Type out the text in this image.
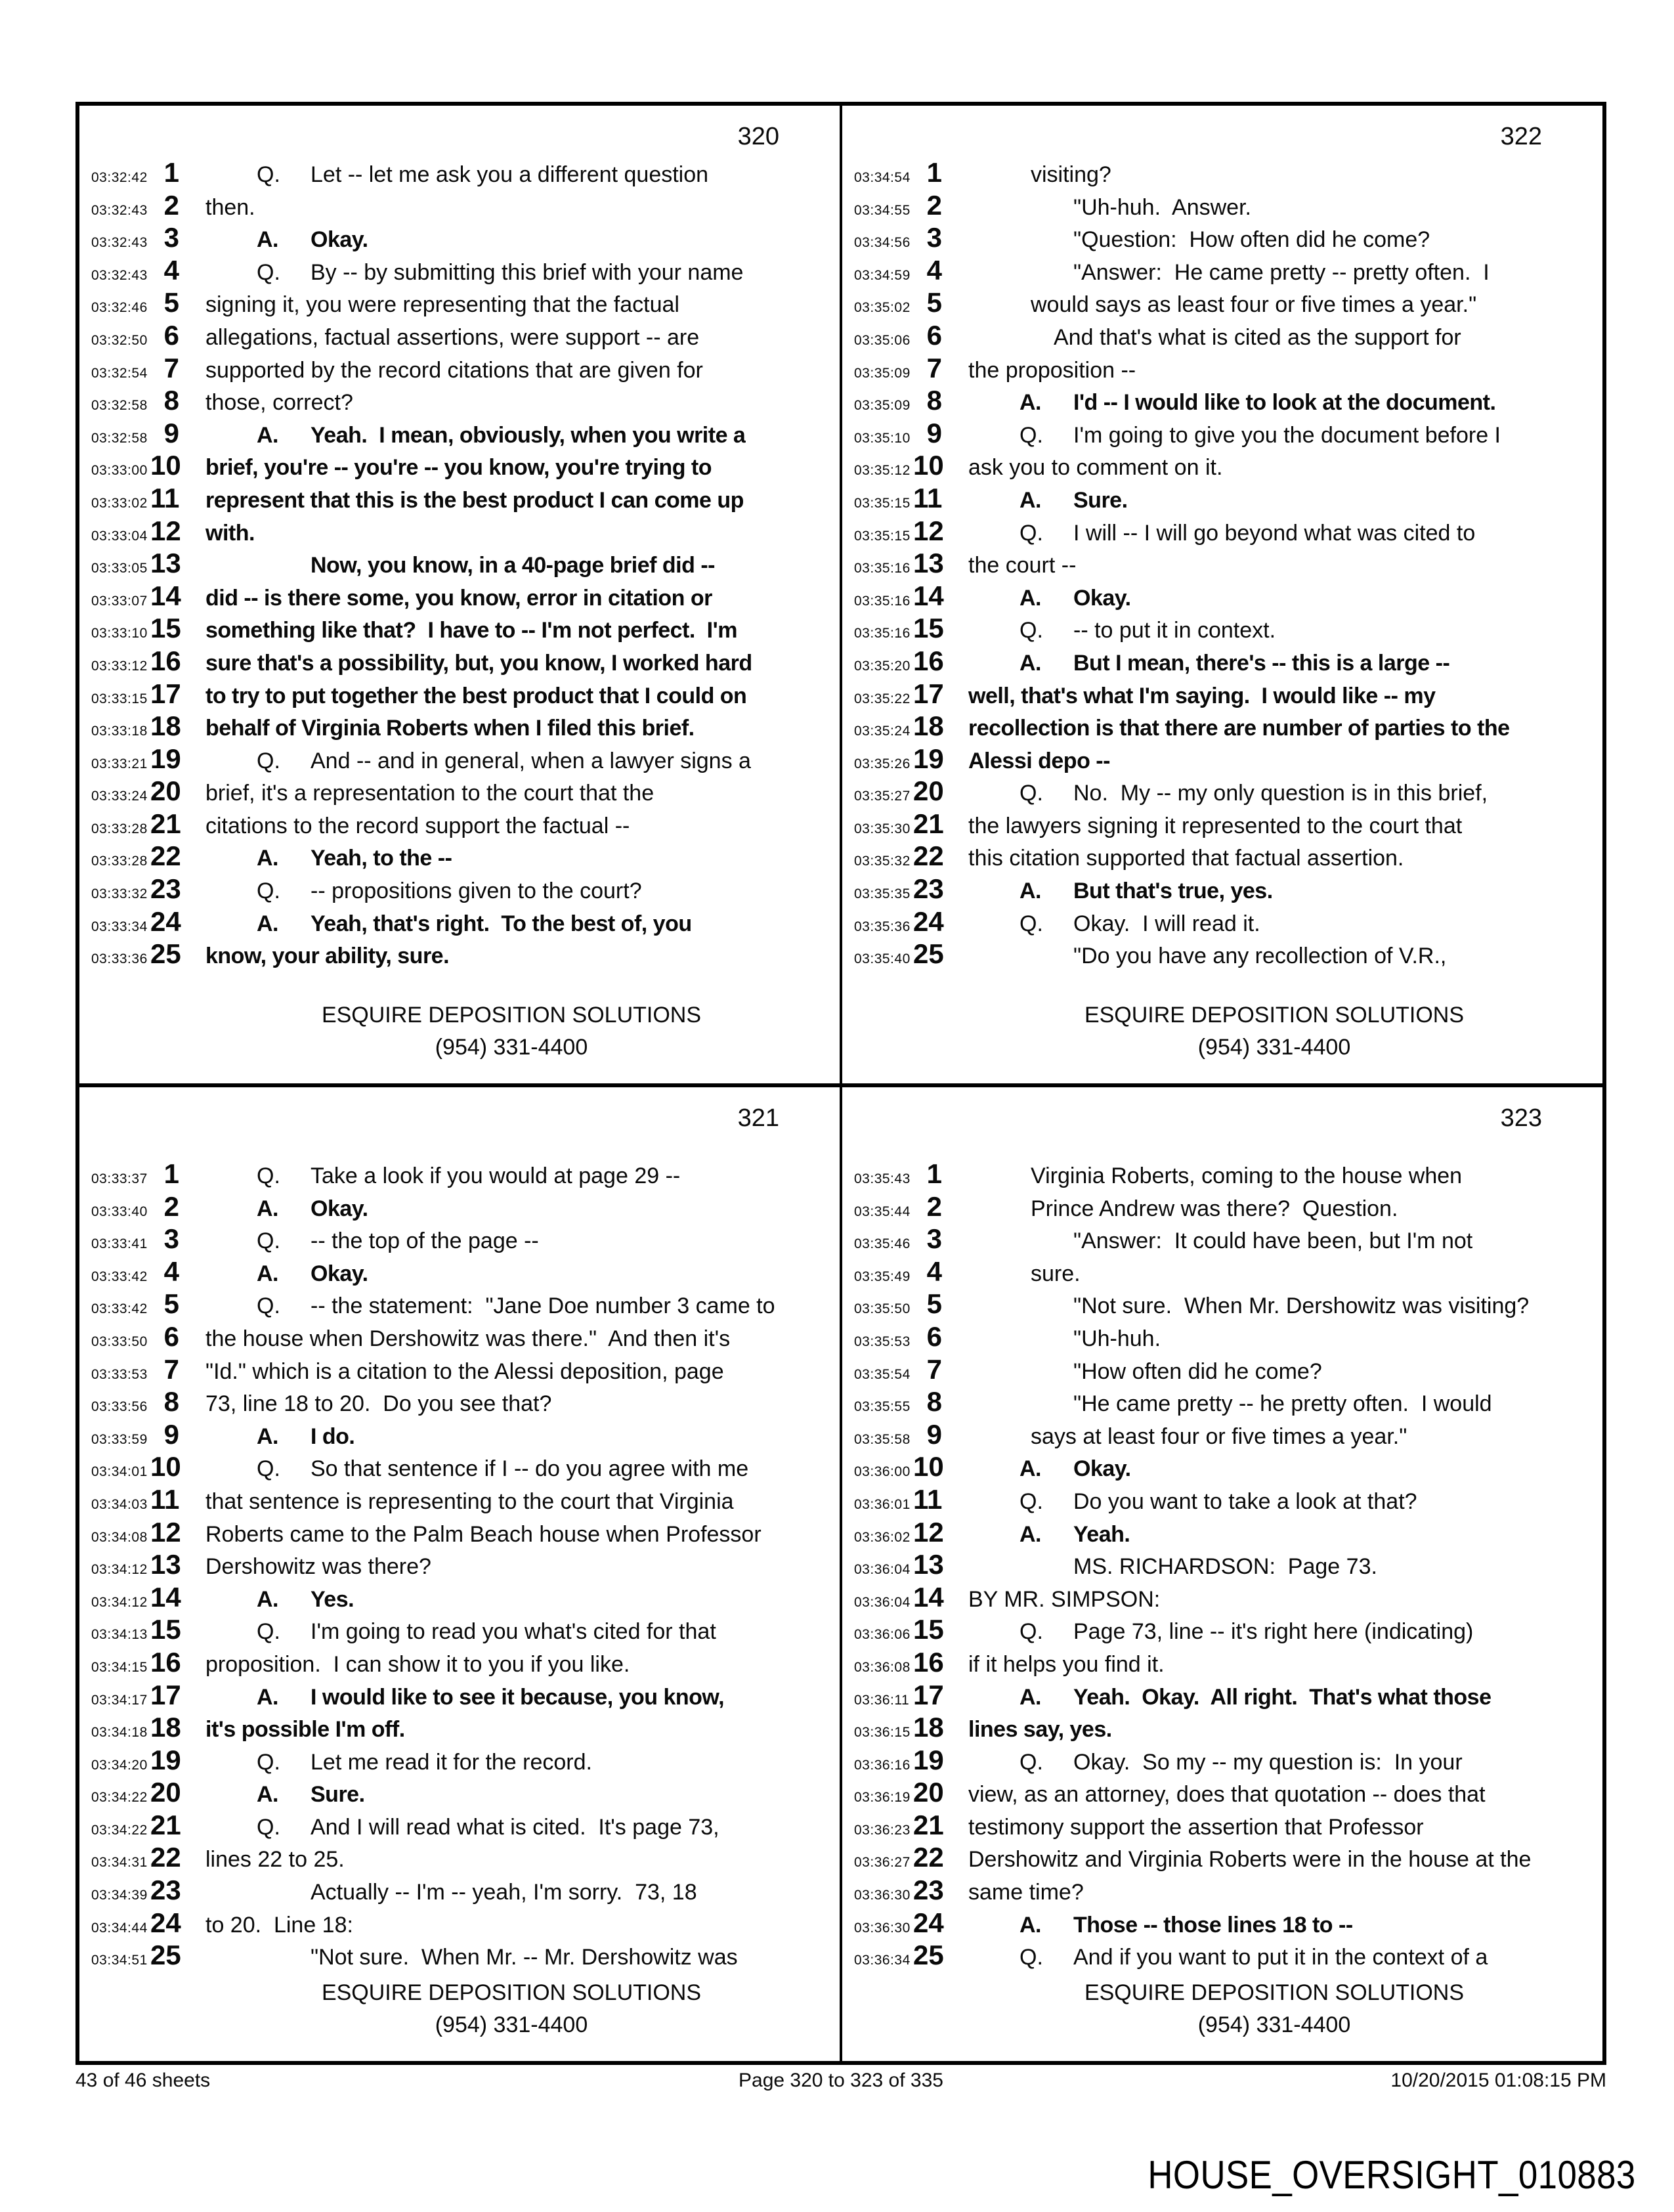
320
03:32:42 1	Q. Let -- let me ask you a different question
03:32:43 2 then.
03:32:43 3	A. Okay.
03:32:43 4	Q. By -- by submitting this brief with your name
03:32:46 5 signing it, you were representing that the factual
03:32:50 6 allegations, factual assertions, were support -- are
03:32:54 7 supported by the record citations that are given for
03:32:58 8 those, correct?
03:32:58 9	A. Yeah.  I mean, obviously, when you write a
03:33:00 10 brief, you're -- you're -- you know, you're trying to
03:33:02 11 represent that this is the best product I can come up
03:33:04 12 with.
03:33:05 13	Now, you know, in a 40-page brief did --
03:33:07 14 did -- is there some, you know, error in citation or
03:33:10 15 something like that?  I have to -- I'm not perfect.  I'm
03:33:12 16 sure that's a possibility, but, you know, I worked hard
03:33:15 17 to try to put together the best product that I could on
03:33:18 18 behalf of Virginia Roberts when I filed this brief.
03:33:21 19	Q. And -- and in general, when a lawyer signs a
03:33:24 20 brief, it's a representation to the court that the
03:33:28 21 citations to the record support the factual --
03:33:28 22	A. Yeah, to the --
03:33:32 23	Q. -- propositions given to the court?
03:33:34 24	A. Yeah, that's right.  To the best of, you
03:33:36 25 know, your ability, sure.
ESQUIRE DEPOSITION SOLUTIONS
(954) 331-4400
322
03:34:54 1	visiting?
03:34:55 2	"Uh-huh.  Answer.
03:34:56 3	"Question:  How often did he come?
03:34:59 4	"Answer:  He came pretty -- pretty often.  I
03:35:02 5	would says as least four or five times a year."
03:35:06 6	And that's what is cited as the support for
03:35:09 7 the proposition --
03:35:09 8	A. I'd -- I would like to look at the document.
03:35:10 9	Q. I'm going to give you the document before I
03:35:12 10 ask you to comment on it.
03:35:15 11	A. Sure.
03:35:15 12	Q. I will -- I will go beyond what was cited to
03:35:16 13 the court --
03:35:16 14	A. Okay.
03:35:16 15	Q. -- to put it in context.
03:35:20 16	A. But I mean, there's -- this is a large --
03:35:22 17 well, that's what I'm saying.  I would like -- my
03:35:24 18 recollection is that there are number of parties to the
03:35:26 19 Alessi depo --
03:35:27 20	Q. No.  My -- my only question is in this brief,
03:35:30 21 the lawyers signing it represented to the court that
03:35:32 22 this citation supported that factual assertion.
03:35:35 23	A. But that's true, yes.
03:35:36 24	Q. Okay.  I will read it.
03:35:40 25	"Do you have any recollection of V.R.,
ESQUIRE DEPOSITION SOLUTIONS
(954) 331-4400
321
03:33:37 1	Q. Take a look if you would at page 29 --
03:33:40 2	A. Okay.
03:33:41 3	Q. -- the top of the page --
03:33:42 4	A. Okay.
03:33:42 5	Q. -- the statement:  "Jane Doe number 3 came to
03:33:50 6 the house when Dershowitz was there."  And then it's
03:33:53 7 "Id." which is a citation to the Alessi deposition, page
03:33:56 8 73, line 18 to 20.  Do you see that?
03:33:59 9	A. I do.
03:34:01 10	Q. So that sentence if I -- do you agree with me
03:34:03 11 that sentence is representing to the court that Virginia
03:34:08 12 Roberts came to the Palm Beach house when Professor
03:34:12 13 Dershowitz was there?
03:34:12 14	A. Yes.
03:34:13 15	Q. I'm going to read you what's cited for that
03:34:15 16 proposition.  I can show it to you if you like.
03:34:17 17	A. I would like to see it because, you know,
03:34:18 18 it's possible I'm off.
03:34:20 19	Q. Let me read it for the record.
03:34:22 20	A. Sure.
03:34:22 21	Q. And I will read what is cited.  It's page 73,
03:34:31 22 lines 22 to 25.
03:34:39 23	Actually -- I'm -- yeah, I'm sorry.  73, 18
03:34:44 24 to 20.  Line 18:
03:34:51 25	"Not sure.  When Mr. -- Mr. Dershowitz was
ESQUIRE DEPOSITION SOLUTIONS
(954) 331-4400
323
03:35:43 1	Virginia Roberts, coming to the house when
03:35:44 2	Prince Andrew was there?  Question.
03:35:46 3	"Answer:  It could have been, but I'm not
03:35:49 4	sure.
03:35:50 5	"Not sure.  When Mr. Dershowitz was visiting?
03:35:53 6	"Uh-huh.
03:35:54 7	"How often did he come?
03:35:55 8	"He came pretty -- he pretty often.  I would
03:35:58 9	says at least four or five times a year."
03:36:00 10	A. Okay.
03:36:01 11	Q. Do you want to take a look at that?
03:36:02 12	A. Yeah.
03:36:04 13	MS. RICHARDSON:  Page 73.
03:36:04 14 BY MR. SIMPSON:
03:36:06 15	Q. Page 73, line -- it's right here (indicating)
03:36:08 16 if it helps you find it.
03:36:11 17	A. Yeah.  Okay.  All right.  That's what those
03:36:15 18 lines say, yes.
03:36:16 19	Q. Okay.  So my -- my question is:  In your
03:36:19 20 view, as an attorney, does that quotation -- does that
03:36:23 21 testimony support the assertion that Professor
03:36:27 22 Dershowitz and Virginia Roberts were in the house at the
03:36:30 23 same time?
03:36:30 24	A. Those -- those lines 18 to --
03:36:34 25	Q. And if you want to put it in the context of a
ESQUIRE DEPOSITION SOLUTIONS
(954) 331-4400
43 of 46 sheets	Page 320 to 323 of 335	10/20/2015 01:08:15 PM
HOUSE_OVERSIGHT_010883
